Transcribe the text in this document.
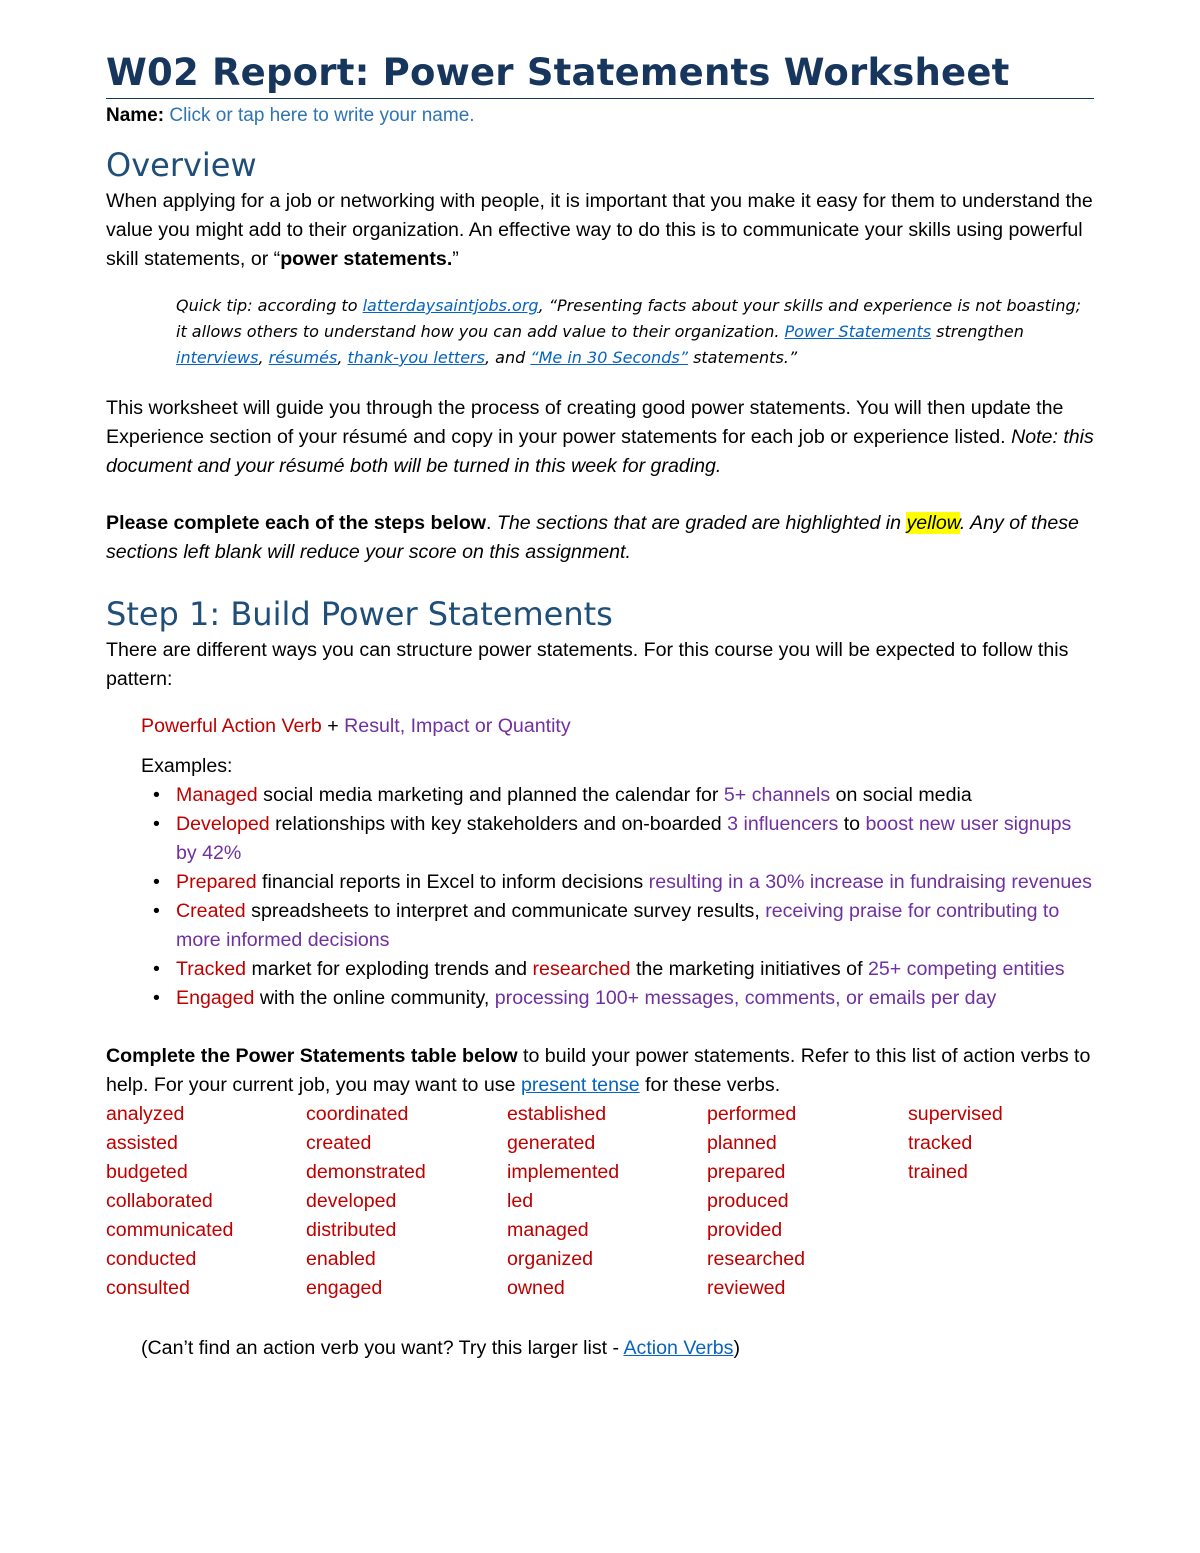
W02 Report: Power Statements Worksheet
Name: Click or tap here to write your name.
Overview

When applying for a job or networking with people, it is important that you make it easy for them to understand the value you might add to their organization. An effective way to do this is to communicate your skills using powerful skill statements, or “power statements.”

Quick tip: according to latterdaysaintjobs.org, “Presenting facts about your skills and experience is not boasting; it allows others to understand how you can add value to their organization. Power Statements strengthen interviews, résumés, thank-you letters, and “Me in 30 Seconds” statements.”

This worksheet will guide you through the process of creating good power statements. You will then update the Experience section of your résumé and copy in your power statements for each job or experience listed. Note: this document and your résumé both will be turned in this week for grading.

Please complete each of the steps below. The sections that are graded are highlighted in yellow. Any of these sections left blank will reduce your score on this assignment.

Step 1: Build Power Statements

There are different ways you can structure power statements. For this course you will be expected to follow this pattern:

Powerful Action Verb + Result, Impact or Quantity
Examples:
• Managed social media marketing and planned the calendar for 5+ channels on social media
• Developed relationships with key stakeholders and on-boarded 3 influencers to boost new user signups by 42%
• Prepared financial reports in Excel to inform decisions resulting in a 30% increase in fundraising revenues
• Created spreadsheets to interpret and communicate survey results, receiving praise for contributing to more informed decisions
• Tracked market for exploding trends and researched the marketing initiatives of 25+ competing entities
• Engaged with the online community, processing 100+ messages, comments, or emails per day

Complete the Power Statements table below to build your power statements. Refer to this list of action verbs to help. For your current job, you may want to use present tense for these verbs.

analyzed
assisted
budgeted
collaborated
communicated
conducted
consulted
coordinated
created
demonstrated
developed
distributed
enabled
engaged
established
generated
implemented
led
managed
organized
owned
performed
planned
prepared
produced
provided
researched
reviewed
supervised
tracked
trained
(Can’t find an action verb you want? Try this larger list - Action Verbs)
